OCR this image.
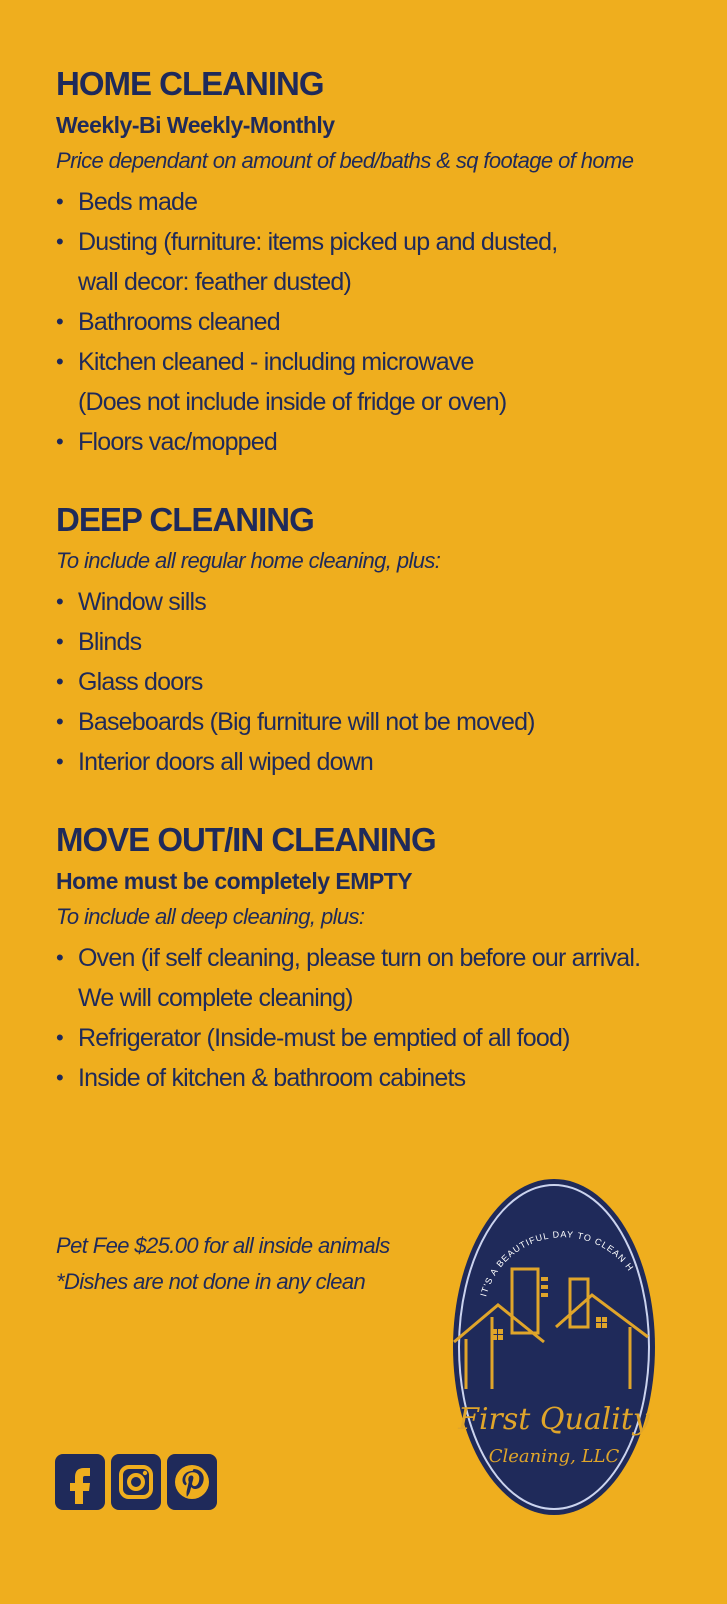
HOME CLEANING
Weekly-Bi Weekly-Monthly
Price dependant on amount of bed/baths & sq footage of home
• Beds made
• Dusting (furniture: items picked up and dusted,
wall decor: feather dusted)
• Bathrooms cleaned
• Kitchen cleaned - including microwave
(Does not include inside of fridge or oven)
• Floors vac/mopped
DEEP CLEANING
To include all regular home cleaning, plus:
• Window sills
• Blinds
• Glass doors
• Baseboards (Big furniture will not be moved)
• Interior doors all wiped down
MOVE OUT/IN CLEANING
Home must be completely EMPTY
To include all deep cleaning, plus:
• Oven (if self cleaning, please turn on before our arrival.
We will complete cleaning)
• Refrigerator (Inside-must be emptied of all food)
• Inside of kitchen & bathroom cabinets
Pet Fee $25.00 for all inside animals
*Dishes are not done in any clean
IT'S A BEAUTIFUL DAY TO CLEAN H
First Quality
Cleaning, LLC
